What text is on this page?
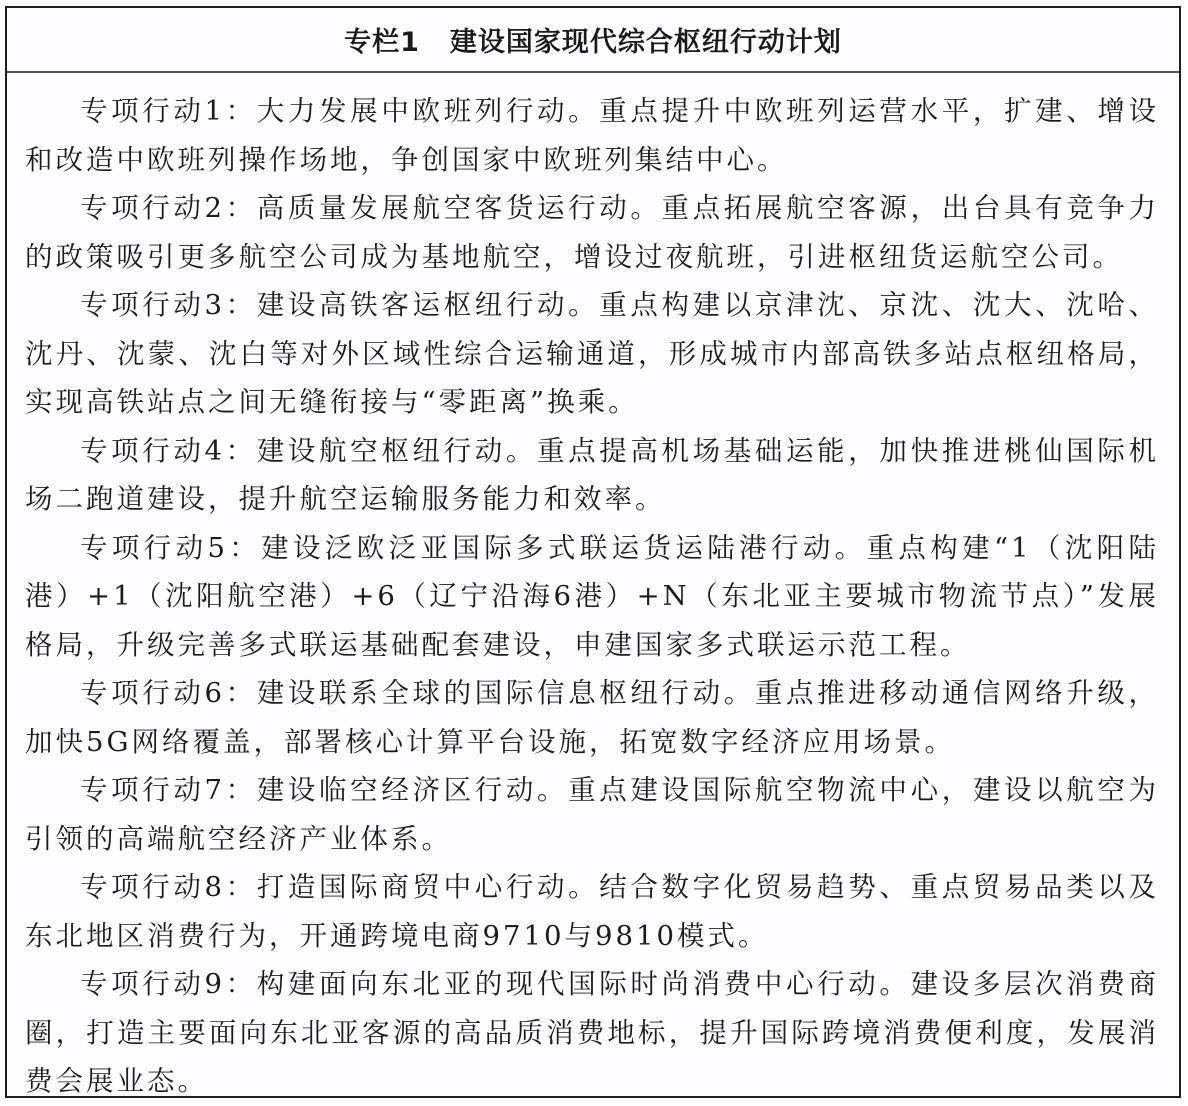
专栏1 建设国家现代综合枢纽行动计划

专项行动1：大力发展中欧班列行动。重点提升中欧班列运营水平，扩建、增设和改造中欧班列操作场地，争创国家中欧班列集结中心。

专项行动2：高质量发展航空客货运行动。重点拓展航空客源，出台具有竞争力的政策吸引更多航空公司成为基地航空，增设过夜航班，引进枢纽货运航空公司。

专项行动3：建设高铁客运枢纽行动。重点构建以京津沈、京沈、沈大、沈哈、沈丹、沈蒙、沈白等对外区域性综合运输通道，形成城市内部高铁多站点枢纽格局，实现高铁站点之间无缝衔接与“零距离”换乘。

专项行动4：建设航空枢纽行动。重点提高机场基础运能，加快推进桃仙国际机场二跑道建设，提升航空运输服务能力和效率。

专项行动5：建设泛欧泛亚国际多式联运货运陆港行动。重点构建“1（沈阳陆港）+1（沈阳航空港）+6（辽宁沿海6港）+N（东北亚主要城市物流节点）”发展格局，升级完善多式联运基础配套建设，申建国家多式联运示范工程。

专项行动6：建设联系全球的国际信息枢纽行动。重点推进移动通信网络升级，加快5G网络覆盖，部署核心计算平台设施，拓宽数字经济应用场景。

专项行动7：建设临空经济区行动。重点建设国际航空物流中心，建设以航空为引领的高端航空经济产业体系。

专项行动8：打造国际商贸中心行动。结合数字化贸易趋势、重点贸易品类以及东北地区消费行为，开通跨境电商9710与9810模式。

专项行动9：构建面向东北亚的现代国际时尚消费中心行动。建设多层次消费商圈，打造主要面向东北亚客源的高品质消费地标，提升国际跨境消费便利度，发展消费会展业态。
